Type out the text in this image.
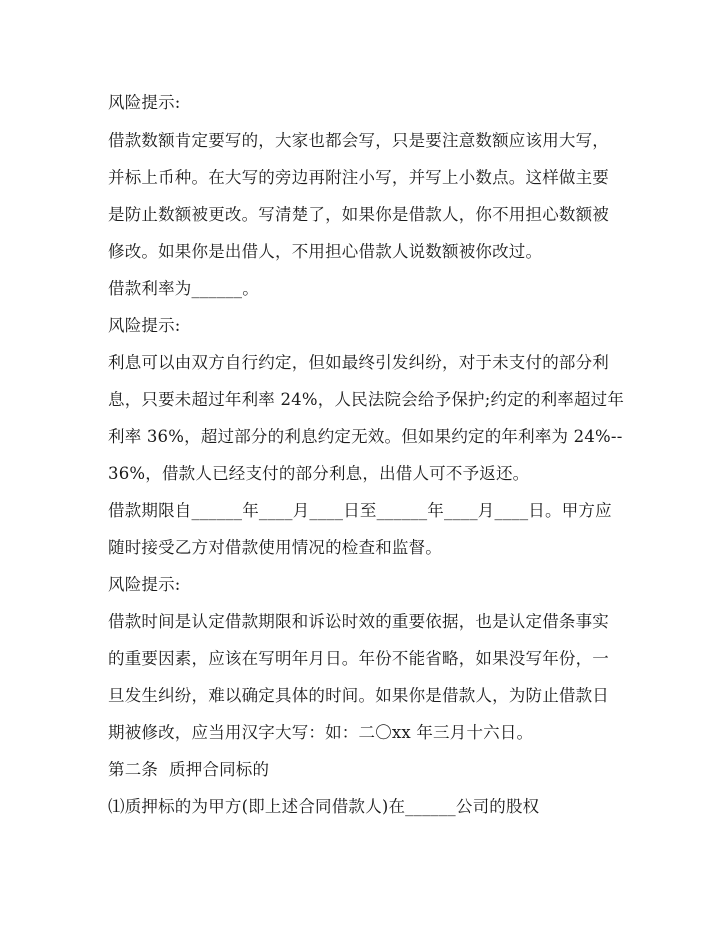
风险提示:

借款数额肯定要写的，大家也都会写，只是要注意数额应该用大写，

并标上币种。在大写的旁边再附注小写，并写上小数点。这样做主要

是防止数额被更改。写清楚了，如果你是借款人，你不用担心数额被

修改。如果你是出借人，不用担心借款人说数额被你改过。

借款利率为______。

风险提示:

利息可以由双方自行约定，但如最终引发纠纷，对于未支付的部分利

息，只要未超过年利率 24%，人民法院会给予保护;约定的利率超过年

利率 36%，超过部分的利息约定无效。但如果约定的年利率为 24%--

36%，借款人已经支付的部分利息，出借人可不予返还。

借款期限自______年____月____日至______年____月____日。甲方应

随时接受乙方对借款使用情况的检查和监督。

风险提示:

借款时间是认定借款期限和诉讼时效的重要依据，也是认定借条事实

的重要因素，应该在写明年月日。年份不能省略，如果没写年份，一

旦发生纠纷，难以确定具体的时间。如果你是借款人，为防止借款日

期被修改，应当用汉字大写：如：二〇xx 年三月十六日。

第二条  质押合同标的

⑴质押标的为甲方(即上述合同借款人)在______公司的股权
